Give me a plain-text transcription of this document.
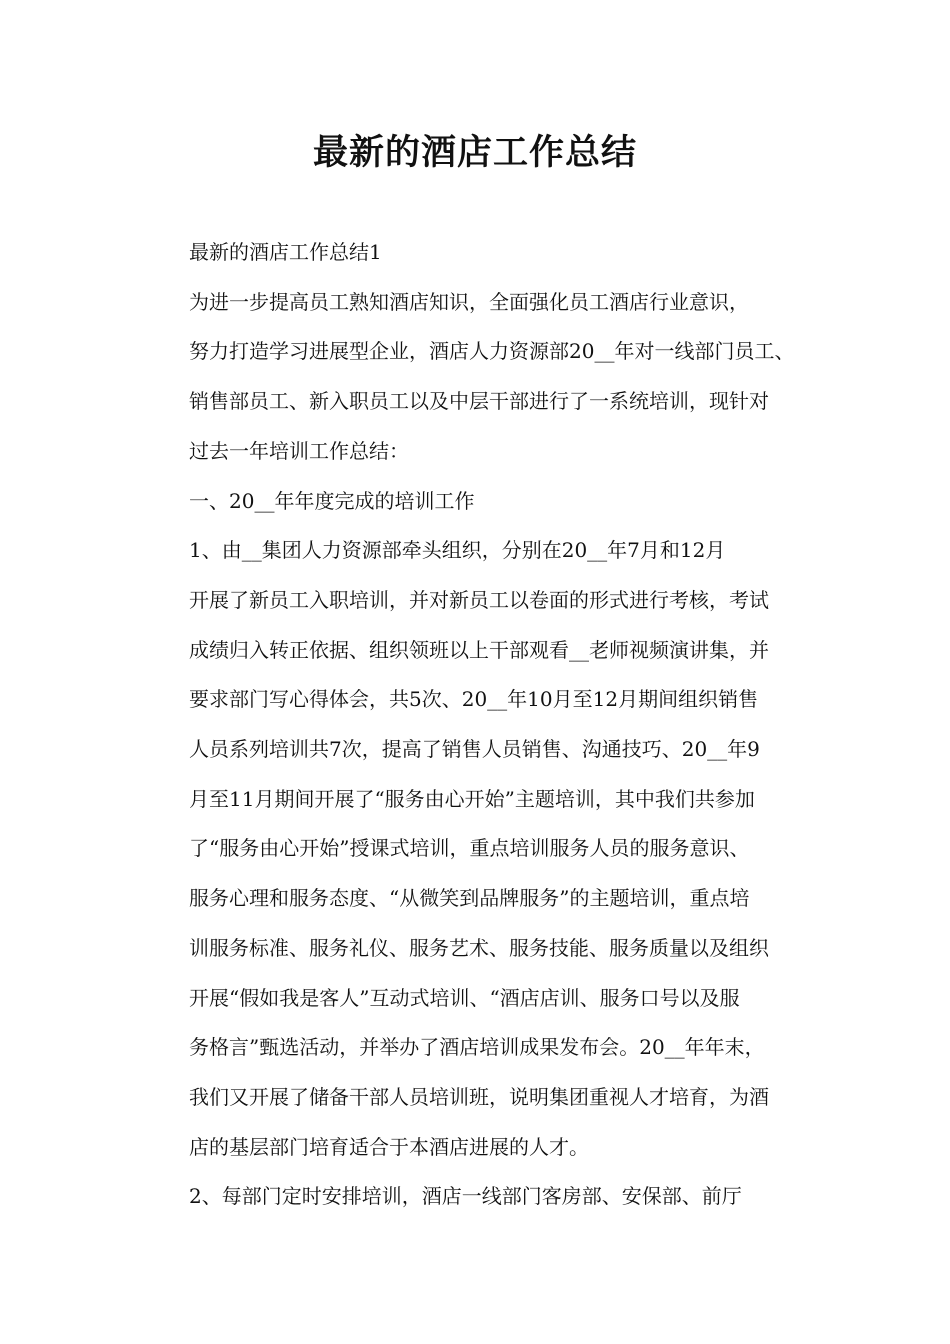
最新的酒店工作总结

最新的酒店工作总结1

为进一步提高员工熟知酒店知识，全面强化员工酒店行业意识，
努力打造学习进展型企业，酒店人力资源部20__年对一线部门员工、
销售部员工、新入职员工以及中层干部进行了一系统培训，现针对
过去一年培训工作总结：

一、20__年年度完成的培训工作

1、由__集团人力资源部牵头组织，分别在20__年7月和12月
开展了新员工入职培训，并对新员工以卷面的形式进行考核，考试
成绩归入转正依据、组织领班以上干部观看__老师视频演讲集，并
要求部门写心得体会，共5次、20__年10月至12月期间组织销售
人员系列培训共7次，提高了销售人员销售、沟通技巧、20__年9
月至11月期间开展了“服务由心开始”主题培训，其中我们共参加
了“服务由心开始”授课式培训，重点培训服务人员的服务意识、
服务心理和服务态度、“从微笑到品牌服务”的主题培训，重点培
训服务标准、服务礼仪、服务艺术、服务技能、服务质量以及组织
开展“假如我是客人”互动式培训、“酒店店训、服务口号以及服
务格言”甄选活动，并举办了酒店培训成果发布会。20__年年末，
我们又开展了储备干部人员培训班，说明集团重视人才培育，为酒
店的基层部门培育适合于本酒店进展的人才。

2、每部门定时安排培训，酒店一线部门客房部、安保部、前厅
